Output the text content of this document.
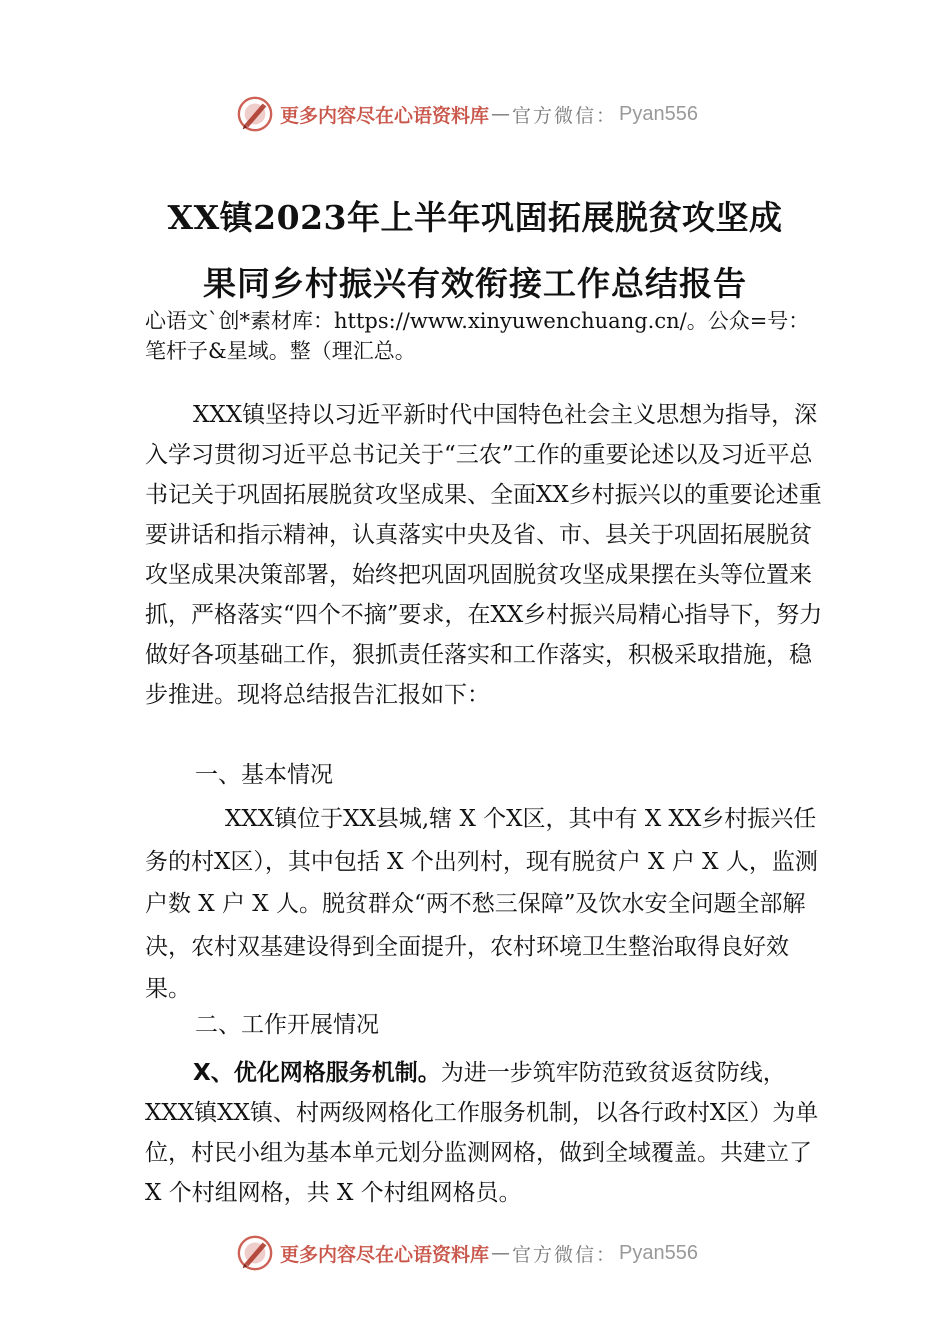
更多内容尽在心语资料库 — 官方微信： Pyan556
XX镇2023年上半年巩固拓展脱贫攻坚成
果同乡村振兴有效衔接工作总结报告
心语文`创*素材库：https://www.xinyuwenchuang.cn/。公众=号：笔杆子&星域。整（理汇总。
XXX镇坚持以习近平新时代中国特色社会主义思想为指导，深入学习贯彻习近平总书记关于“三农”工作的重要论述以及习近平总书记关于巩固拓展脱贫攻坚成果、全面XX乡村振兴以的重要论述重要讲话和指示精神，认真落实中央及省、市、县关于巩固拓展脱贫攻坚成果决策部署，始终把巩固巩固脱贫攻坚成果摆在头等位置来抓，严格落实“四个不摘”要求，在XX乡村振兴局精心指导下，努力做好各项基础工作，狠抓责任落实和工作落实，积极采取措施，稳步推进。现将总结报告汇报如下：
一、基本情况
XXX镇位于XX县城,辖 X 个X区，其中有 X XX乡村振兴任务的村X区），其中包括 X 个出列村，现有脱贫户 X 户 X 人，监测户数 X 户 X 人。脱贫群众“两不愁三保障”及饮水安全问题全部解决，农村双基建设得到全面提升，农村环境卫生整治取得良好效果。
二、工作开展情况
X、优化网格服务机制。为进一步筑牢防范致贫返贫防线，XXX镇XX镇、村两级网格化工作服务机制，以各行政村X区）为单位，村民小组为基本单元划分监测网格，做到全域覆盖。共建立了 X 个村组网格，共 X 个村组网格员。
更多内容尽在心语资料库 — 官方微信： Pyan556
